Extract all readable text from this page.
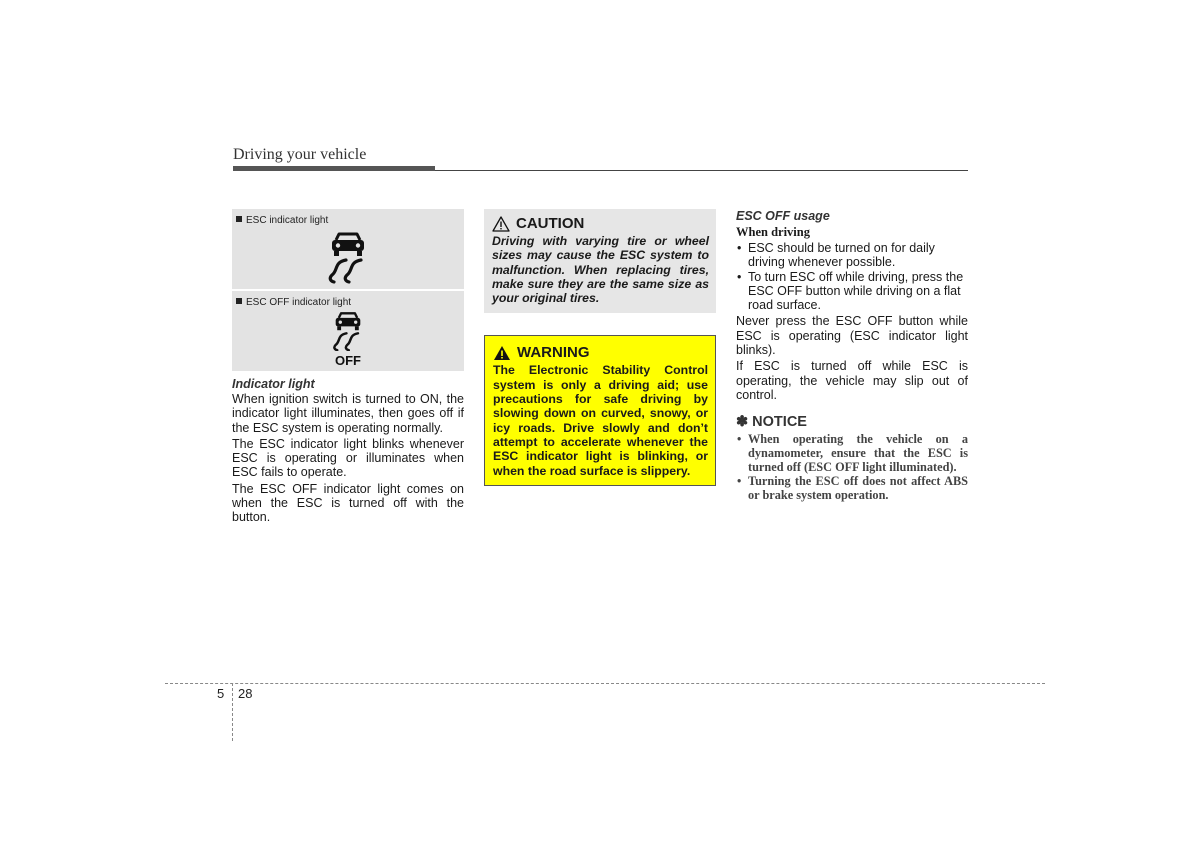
Driving your vehicle
ESC indicator light
ESC OFF indicator light
OFF
Indicator light

When ignition switch is turned to ON, the indicator light illuminates, then goes off if the ESC system is operating normally.

The ESC indicator light blinks whenever ESC is operating or illuminates when ESC fails to operate.

The ESC OFF indicator light comes on when the ESC is turned off with the button.

CAUTION
Driving with varying tire or wheel sizes may cause the ESC system to malfunction. When replacing tires, make sure they are the same size as your original tires.
WARNING
The Electronic Stability Control system is only a driving aid; use precautions for safe driving by slowing down on curved, snowy, or icy roads. Drive slowly and don’t attempt to accelerate whenever the ESC indicator light is blinking, or when the road surface is slippery.
ESC OFF usage
When driving
• ESC should be turned on for daily driving whenever possible.
• To turn ESC off while driving, press the ESC OFF button while driving on a flat road surface.

Never press the ESC OFF button while ESC is operating (ESC indicator light blinks).

If ESC is turned off while ESC is operating, the vehicle may slip out of control.

✽ NOTICE
• When operating the vehicle on a dynamometer, ensure that the ESC is turned off (ESC OFF light illuminated).
• Turning the ESC off does not affect ABS or brake system operation.
5 28
